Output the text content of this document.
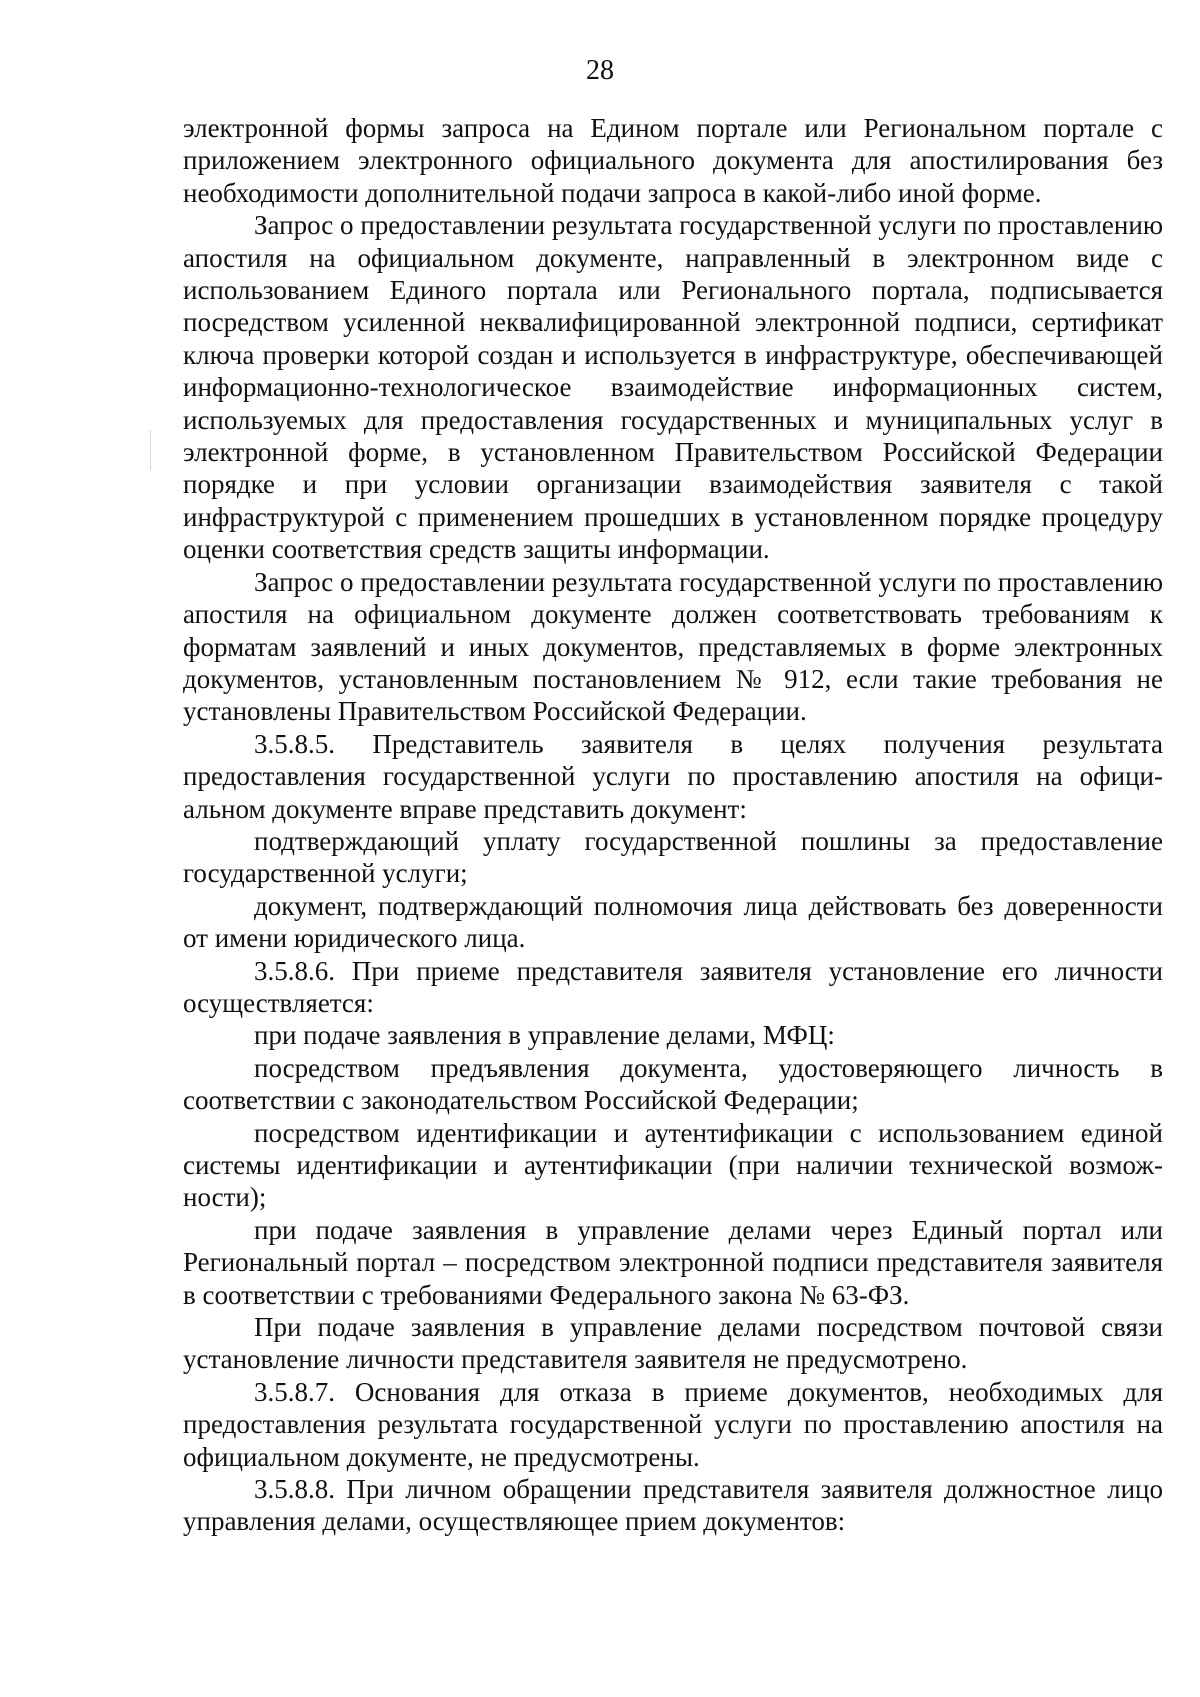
28

электронной формы запроса на Едином портале или Региональном портале с приложением электронного официального документа для апостилирования без необходимости дополнительной подачи запроса в какой-либо иной форме.

Запрос о предоставлении результата государственной услуги по проставлению апостиля на официальном документе, направленный в электронном виде с использованием Единого портала или Регионального портала, подписывается посредством усиленной неквалифицированной электронной подписи, сертификат ключа проверки которой создан и используется в инфраструктуре, обеспечивающей информационно-технологическое взаимодействие информационных систем, используемых для предоставления государственных и муниципальных услуг в электронной форме, в установленном Правительством Российской Федерации порядке и при условии организации взаимодействия заявителя с такой инфраструктурой с применением прошедших в установленном порядке процедуру оценки соответствия средств защиты информации.

Запрос о предоставлении результата государственной услуги по проставлению апостиля на официальном документе должен соответствовать требованиям к форматам заявлений и иных документов, представляемых в форме электронных документов, установленным постановлением № 912, если такие требования не установлены Правительством Российской Федерации.

3.5.8.5. Представитель заявителя в целях получения результата предоставления государственной услуги по проставлению апостиля на официальном документе вправе представить документ:

подтверждающий уплату государственной пошлины за предоставление государственной услуги;

документ, подтверждающий полномочия лица действовать без доверенности от имени юридического лица.

3.5.8.6. При приеме представителя заявителя установление его личности осуществляется:

при подаче заявления в управление делами, МФЦ:

посредством предъявления документа, удостоверяющего личность в соответствии с законодательством Российской Федерации;

посредством идентификации и аутентификации с использованием единой системы идентификации и аутентификации (при наличии технической возможности);

при подаче заявления в управление делами через Единый портал или Региональный портал – посредством электронной подписи представителя заявителя в соответствии с требованиями Федерального закона № 63-ФЗ.

При подаче заявления в управление делами посредством почтовой связи установление личности представителя заявителя не предусмотрено.

3.5.8.7. Основания для отказа в приеме документов, необходимых для предоставления результата государственной услуги по проставлению апостиля на официальном документе, не предусмотрены.

3.5.8.8. При личном обращении представителя заявителя должностное лицо управления делами, осуществляющее прием документов:
